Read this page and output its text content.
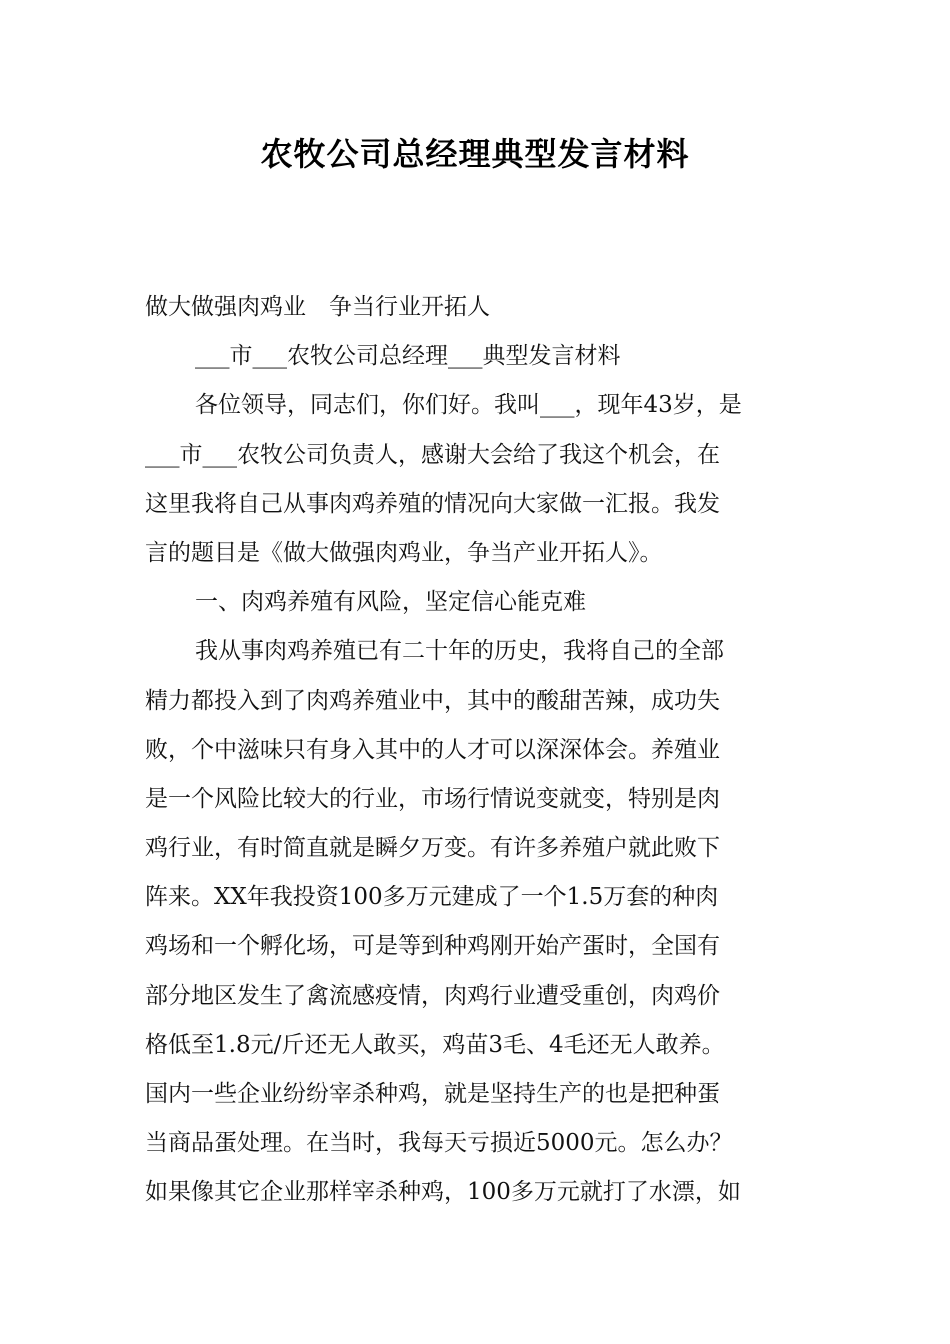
农牧公司总经理典型发言材料

做大做强肉鸡业　争当行业开拓人

___市___农牧公司总经理___典型发言材料

各位领导，同志们，你们好。我叫___，现年43岁，是

___市___农牧公司负责人，感谢大会给了我这个机会，在

这里我将自己从事肉鸡养殖的情况向大家做一汇报。我发

言的题目是《做大做强肉鸡业，争当产业开拓人》。

一、肉鸡养殖有风险，坚定信心能克难

我从事肉鸡养殖已有二十年的历史，我将自己的全部

精力都投入到了肉鸡养殖业中，其中的酸甜苦辣，成功失

败，个中滋味只有身入其中的人才可以深深体会。养殖业

是一个风险比较大的行业，市场行情说变就变，特别是肉

鸡行业，有时简直就是瞬夕万变。有许多养殖户就此败下

阵来。XX年我投资100多万元建成了一个1.5万套的种肉

鸡场和一个孵化场，可是等到种鸡刚开始产蛋时，全国有

部分地区发生了禽流感疫情，肉鸡行业遭受重创，肉鸡价

格低至1.8元/斤还无人敢买，鸡苗3毛、4毛还无人敢养。

国内一些企业纷纷宰杀种鸡，就是坚持生产的也是把种蛋

当商品蛋处理。在当时，我每天亏损近5000元。怎么办？

如果像其它企业那样宰杀种鸡，100多万元就打了水漂，如
